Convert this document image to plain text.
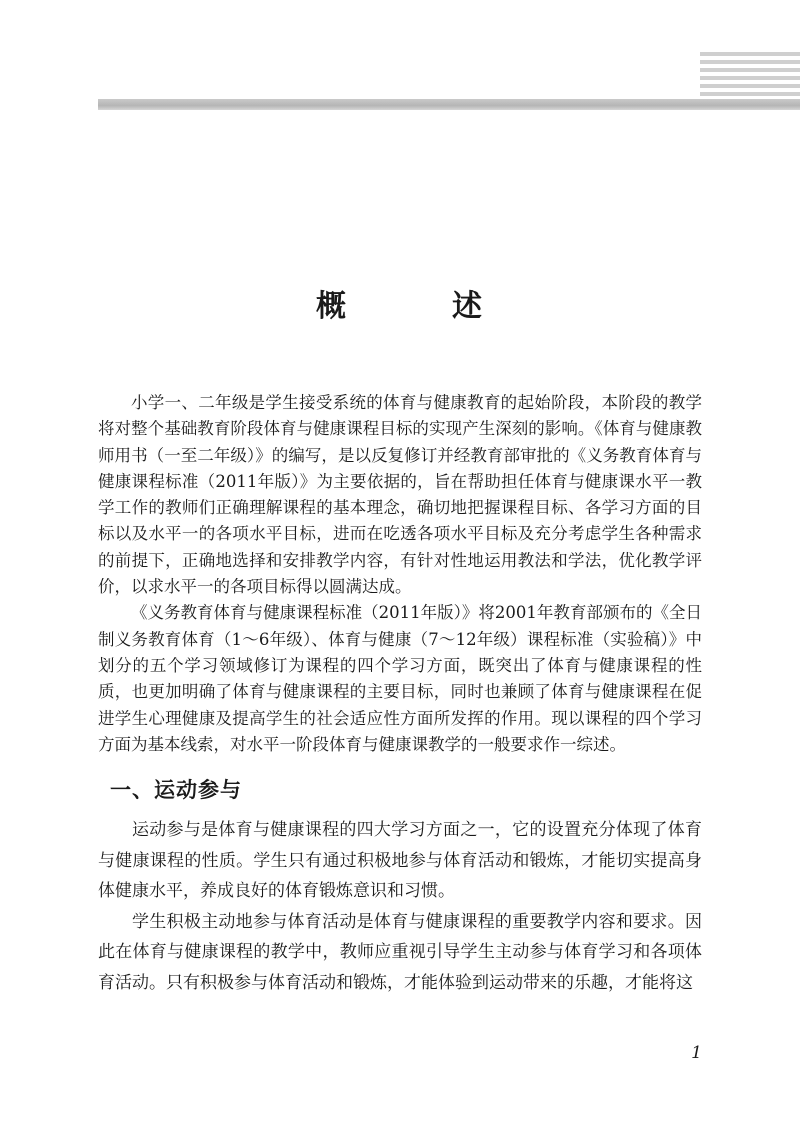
概	述

小学一、二年级是学生接受系统的体育与健康教育的起始阶段，本阶段的教学将对整个基础教育阶段体育与健康课程目标的实现产生深刻的影响。《体育与健康教师用书（一至二年级）》的编写，是以反复修订并经教育部审批的《义务教育体育与健康课程标准（2011年版）》为主要依据的，旨在帮助担任体育与健康课水平一教学工作的教师们正确理解课程的基本理念，确切地把握课程目标、各学习方面的目标以及水平一的各项水平目标，进而在吃透各项水平目标及充分考虑学生各种需求的前提下，正确地选择和安排教学内容，有针对性地运用教法和学法，优化教学评价，以求水平一的各项目标得以圆满达成。

《义务教育体育与健康课程标准（2011年版）》将2001年教育部颁布的《全日制义务教育体育（1～6年级）、体育与健康（7～12年级）课程标准（实验稿）》中划分的五个学习领域修订为课程的四个学习方面，既突出了体育与健康课程的性质，也更加明确了体育与健康课程的主要目标，同时也兼顾了体育与健康课程在促进学生心理健康及提高学生的社会适应性方面所发挥的作用。现以课程的四个学习方面为基本线索，对水平一阶段体育与健康课教学的一般要求作一综述。

一、运动参与

运动参与是体育与健康课程的四大学习方面之一，它的设置充分体现了体育与健康课程的性质。学生只有通过积极地参与体育活动和锻炼，才能切实提高身体健康水平，养成良好的体育锻炼意识和习惯。

学生积极主动地参与体育活动是体育与健康课程的重要教学内容和要求。因此在体育与健康课程的教学中，教师应重视引导学生主动参与体育学习和各项体育活动。只有积极参与体育活动和锻炼，才能体验到运动带来的乐趣，才能将这

1
